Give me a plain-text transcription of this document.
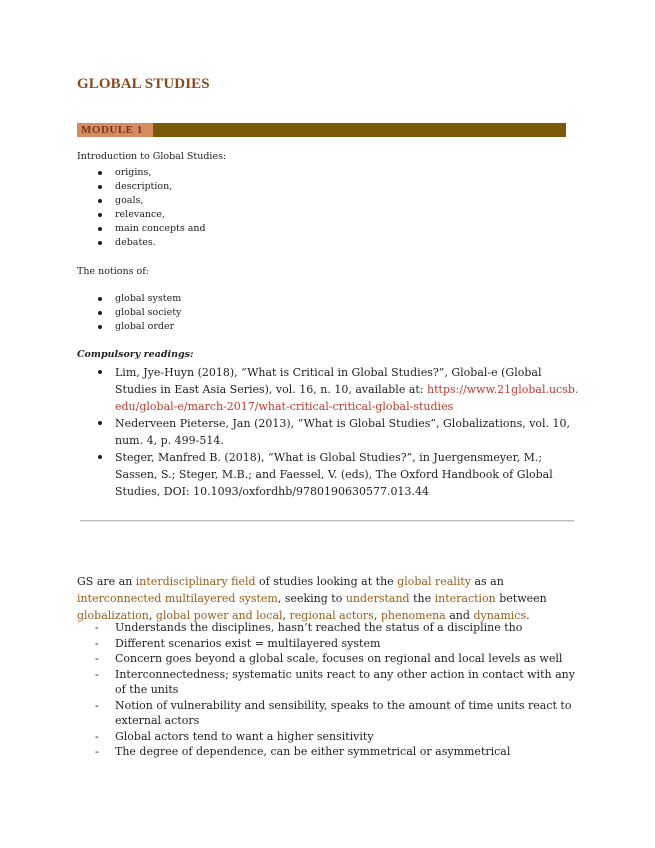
GLOBAL STUDIES
MODULE 1
Introduction to Global Studies:
origins,
description,
goals,
relevance,
main concepts and
debates.
The notions of:
global system
global society
global order
Compulsory readings:
Lim, Jye-Huyn (2018), “What is Critical in Global Studies?”, Global-e (Global Studies in East Asia Series), vol. 16, n. 10, available at: https://www.21global.ucsb.edu/global-e/march-2017/what-critical-critical-global-studies
Nederveen Pieterse, Jan (2013), “What is Global Studies”, Globalizations, vol. 10, num. 4, p. 499-514.
Steger, Manfred B. (2018), “What is Global Studies?”, in Juergensmeyer, M.; Sassen, S.; Steger, M.B.; and Faessel, V. (eds), The Oxford Handbook of Global Studies, DOI: 10.1093/oxfordhb/9780190630577.013.44
GS are an interdisciplinary field of studies looking at the global reality as an interconnected multilayered system, seeking to understand the interaction between globalization, global power and local, regional actors, phenomena and dynamics.
- Understands the disciplines, hasn’t reached the status of a discipline tho
- Different scenarios exist = multilayered system
- Concern goes beyond a global scale, focuses on regional and local levels as well
- Interconnectedness; systematic units react to any other action in contact with any of the units
- Notion of vulnerability and sensibility, speaks to the amount of time units react to external actors
- Global actors tend to want a higher sensitivity
- The degree of dependence, can be either symmetrical or asymmetrical
